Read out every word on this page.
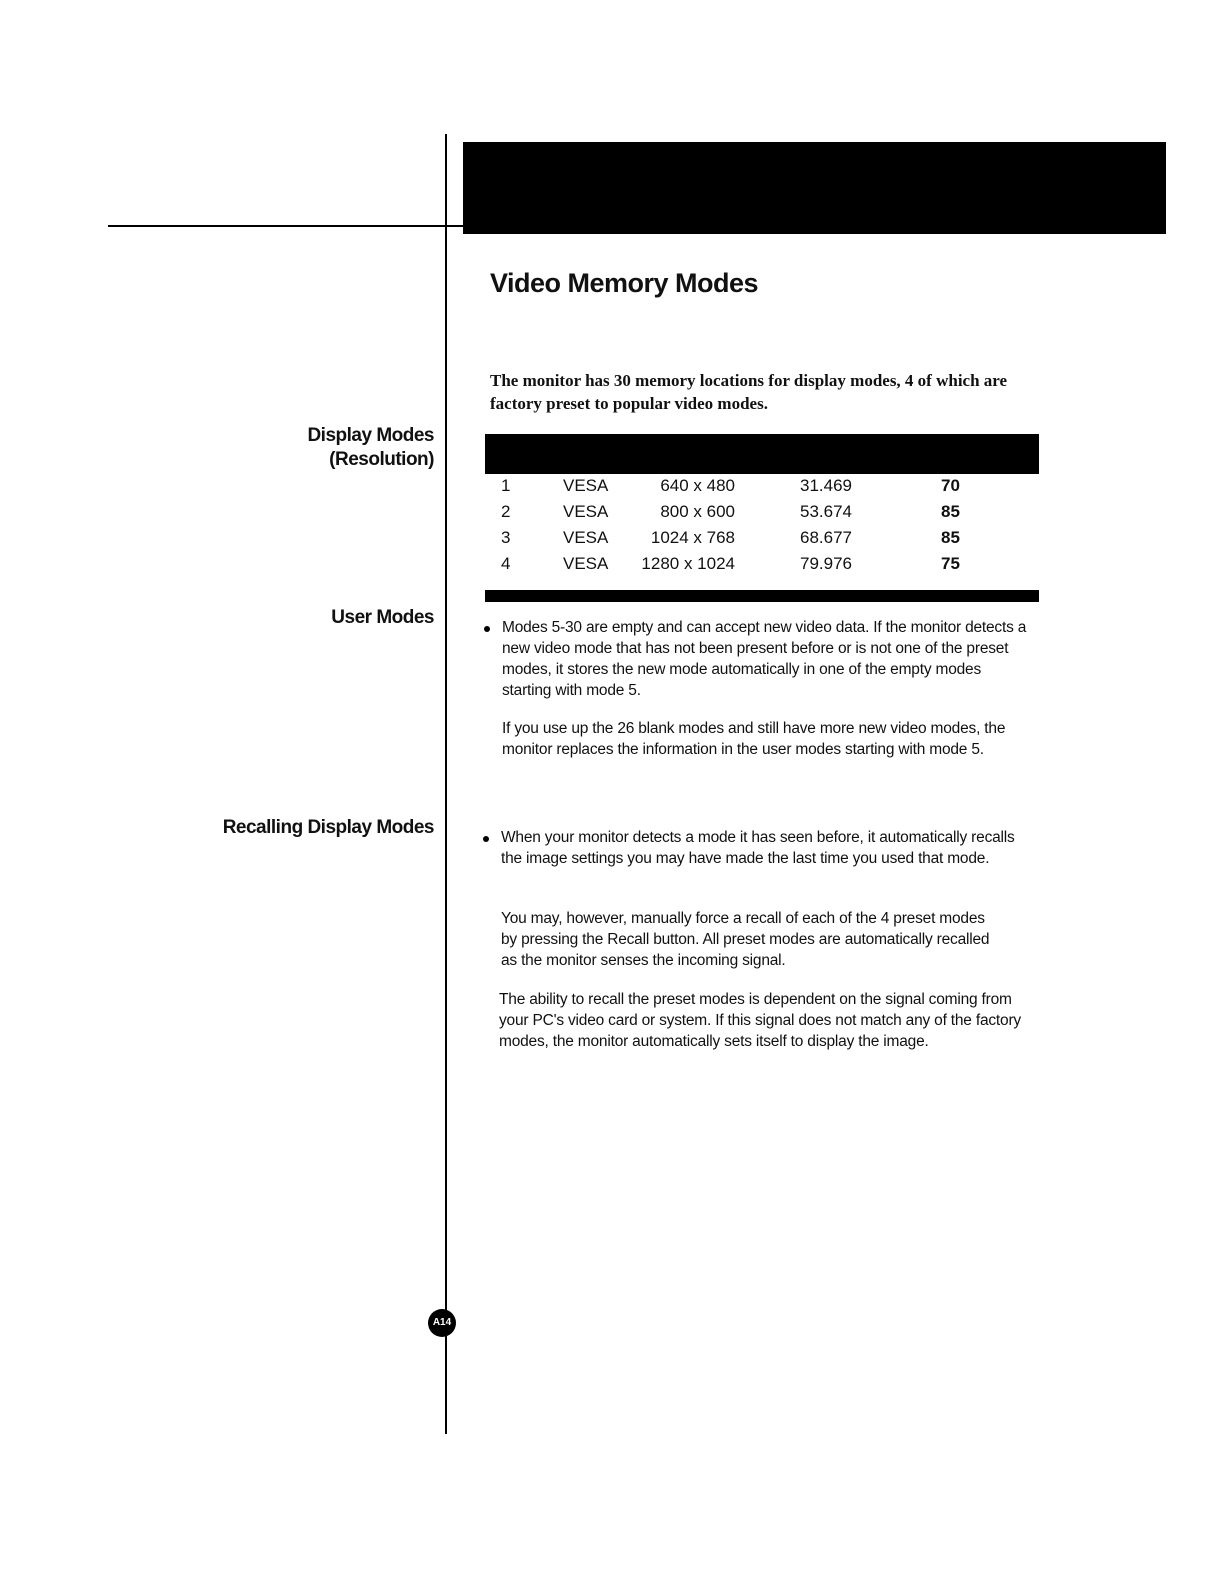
Video Memory Modes
The monitor has 30 memory locations for display modes, 4 of which are factory preset to popular video modes.
Display Modes
(Resolution)
User Modes
Recalling Display Modes
1	VESA	640 x 480	31.469	70
2	VESA	800 x 600	53.674	85
3	VESA	1024 x 768	68.677	85
4	VESA	1280 x 1024	79.976	75
Modes 5-30 are empty and can accept new video data. If the monitor detects a new video mode that has not been present before or is not one of the preset modes, it stores the new mode automatically in one of the empty modes starting with mode 5.
If you use up the 26 blank modes and still have more new video modes, the monitor replaces the information in the user modes starting with mode 5.
When your monitor detects a mode it has seen before, it automatically recalls the image settings you may have made the last time you used that mode.
You may, however, manually force a recall of each of the 4 preset modes by pressing the Recall button. All preset modes are automatically recalled as the monitor senses the incoming signal.
The ability to recall the preset modes is dependent on the signal coming from your PC's video card or system. If this signal does not match any of the factory modes, the monitor automatically sets itself to display the image.
A14
